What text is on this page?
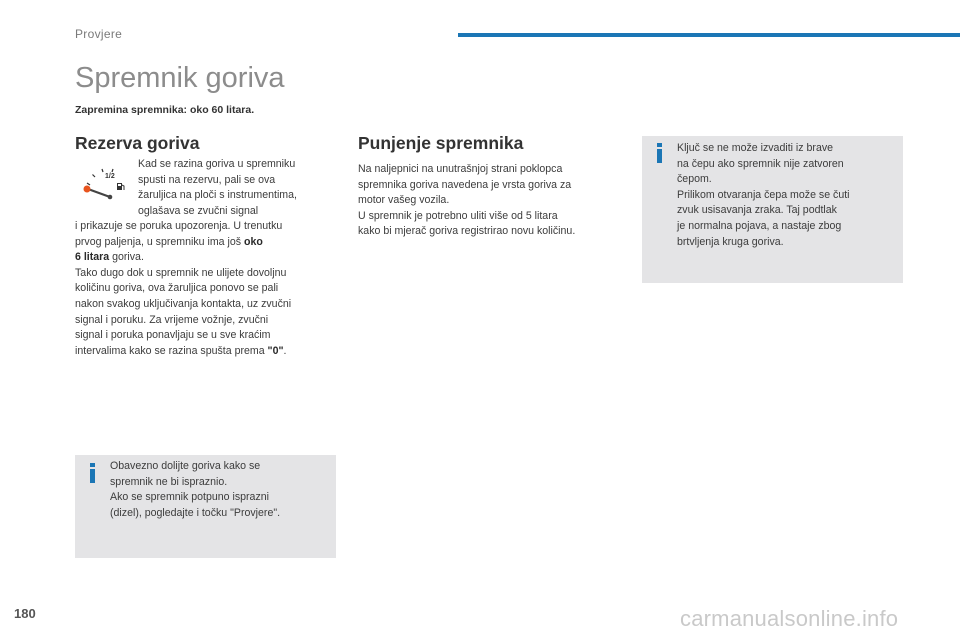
Provjere
Spremnik goriva
Zapremina spremnika: oko 60 litara.
Rezerva goriva
1/2
Kad se razina goriva u spremniku
spusti na rezervu, pali se ova
žaruljica na ploči s instrumentima,
oglašava se zvučni signal
i prikazuje se poruka upozorenja. U trenutku
prvog paljenja, u spremniku ima još oko
6 litara goriva.
Tako dugo dok u spremnik ne ulijete dovoljnu
količinu goriva, ova žaruljica ponovo se pali
nakon svakog uključivanja kontakta, uz zvučni
signal i poruku. Za vrijeme vožnje, zvučni
signal i poruka ponavljaju se u sve kraćim
intervalima kako se razina spušta prema "0".
Obavezno dolijte goriva kako se
spremnik ne bi ispraznio.
Ako se spremnik potpuno isprazni
(dizel), pogledajte i točku "Provjere".
Punjenje spremnika
Na naljepnici na unutrašnjoj strani poklopca
spremnika goriva navedena je vrsta goriva za
motor vašeg vozila.
U spremnik je potrebno uliti više od 5 litara
kako bi mjerač goriva registrirao novu količinu.
Ključ se ne može izvaditi iz brave
na čepu ako spremnik nije zatvoren
čepom.
Prilikom otvaranja čepa može se čuti
zvuk usisavanja zraka. Taj podtlak
je normalna pojava, a nastaje zbog
brtvljenja kruga goriva.
180	carmanualsonline.info
